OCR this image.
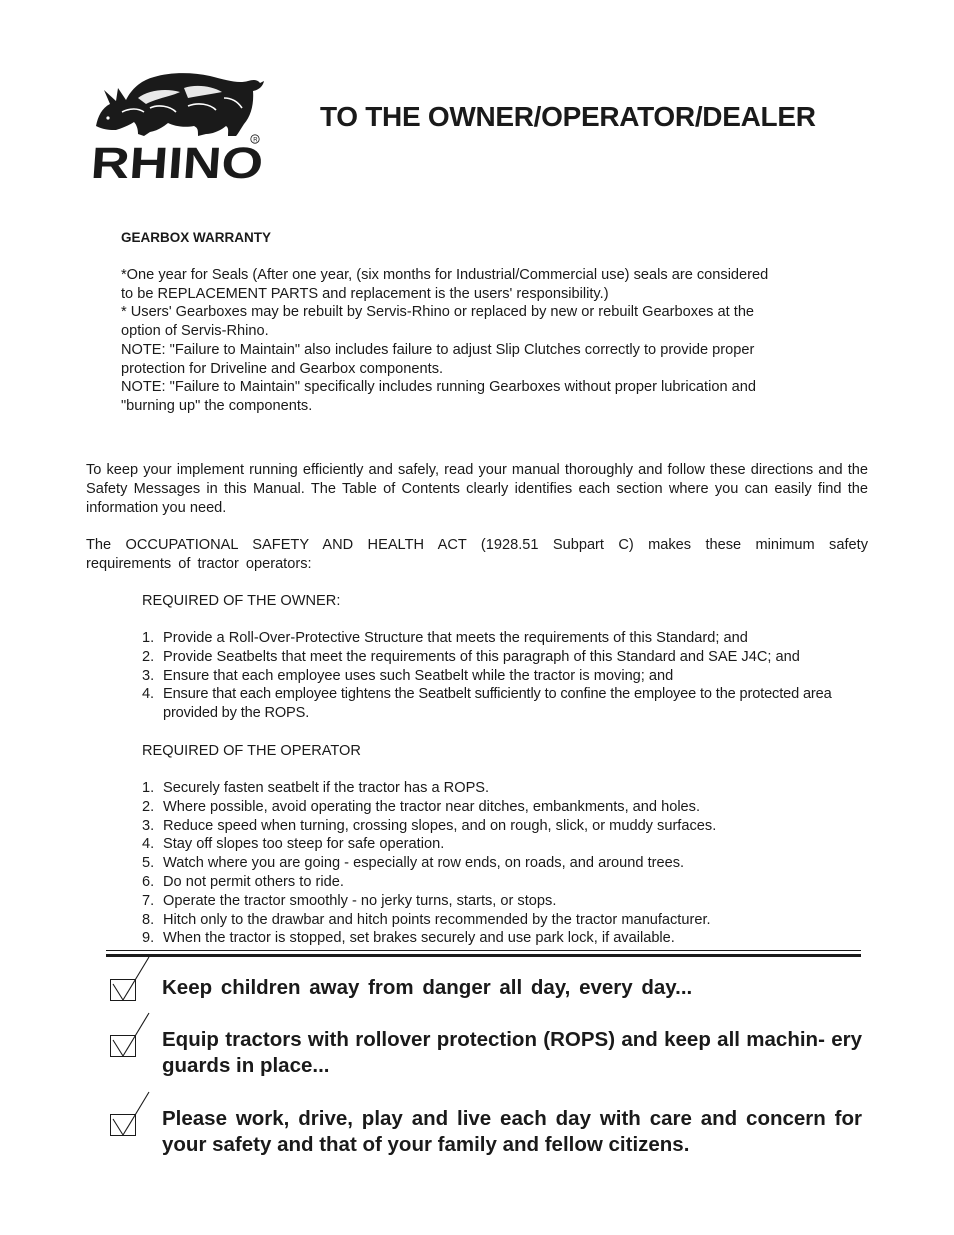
RHINO	R
TO THE OWNER/OPERATOR/DEALER
GEARBOX WARRANTY
*One year for Seals (After one year, (six months for Industrial/Commercial use) seals are considered
to be REPLACEMENT PARTS and replacement is the users' responsibility.)
* Users' Gearboxes may be rebuilt by Servis-Rhino or replaced by new or rebuilt Gearboxes at the
option of Servis-Rhino.
NOTE: "Failure to Maintain" also includes failure to adjust Slip Clutches correctly to provide proper
protection for Driveline and Gearbox components.
NOTE: "Failure to Maintain" specifically includes running Gearboxes without proper lubrication and
"burning up" the components.
To keep your implement running efficiently and safely, read your manual thoroughly and follow these directions and the Safety Messages in this Manual. The Table of Contents clearly identifies each section where you can easily find the information you need.
The OCCUPATIONAL SAFETY AND HEALTH ACT (1928.51 Subpart C) makes these minimum safety requirements of tractor operators:
REQUIRED OF THE OWNER:
1. Provide a Roll-Over-Protective Structure that meets the requirements of this Standard; and
2. Provide Seatbelts that meet the requirements of this paragraph of this Standard and SAE J4C; and
3. Ensure that each employee uses such Seatbelt while the tractor is moving; and
4. Ensure that each employee tightens the Seatbelt sufficiently to confine the employee to the protected area provided by the ROPS.
REQUIRED OF THE OPERATOR
1. Securely fasten seatbelt if the tractor has a ROPS.
2. Where possible, avoid operating the tractor near ditches, embankments, and holes.
3. Reduce speed when turning, crossing slopes, and on rough, slick, or muddy surfaces.
4. Stay off slopes too steep for safe operation.
5. Watch where you are going - especially at row ends, on roads, and around trees.
6. Do not permit others to ride.
7. Operate the tractor smoothly - no jerky turns, starts, or stops.
8. Hitch only to the drawbar and hitch points recommended by the tractor manufacturer.
9. When the tractor is stopped, set brakes securely and use park lock, if available.
Keep children away from danger all day, every day...
Equip tractors with rollover protection (ROPS) and keep all machin- ery guards in place...
Please work, drive, play and live each day with care and concern for your safety and that of your family and fellow citizens.
